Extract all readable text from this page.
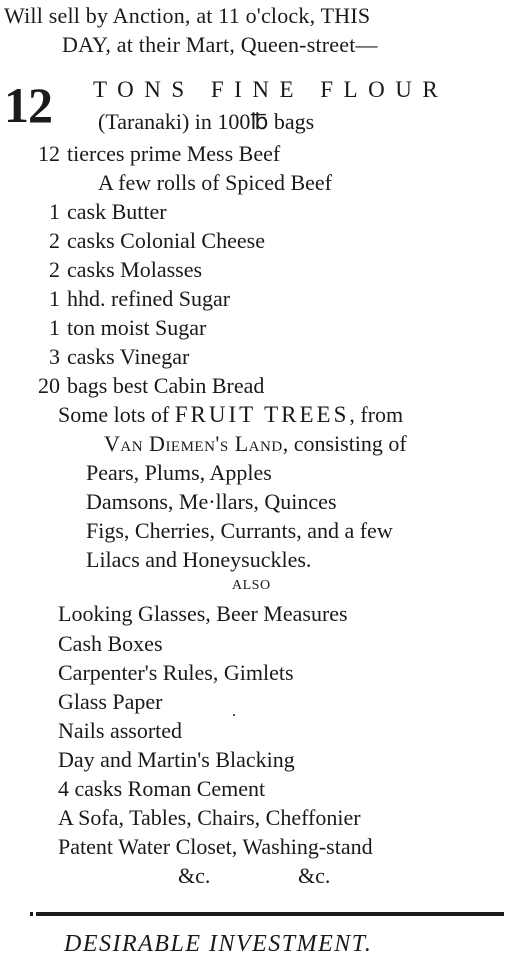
Will sell by Anction, at 11 o'clock, THIS
DAY, at their Mart, Queen-street—
12 TONS FINE FLOUR
(Taranaki) in 100℔ bags
12 tierces prime Mess Beef
A few rolls of Spiced Beef
1 cask Butter
2 casks Colonial Cheese
2 casks Molasses
1 hhd. refined Sugar
1 ton moist Sugar
3 casks Vinegar
20 bags best Cabin Bread
Some lots of FRUIT TREES, from
Van Diemen's Land, consisting of
Pears, Plums, Apples
Damsons, Me·llars, Quinces
Figs, Cherries, Currants, and a few
Lilacs and Honeysuckles.
ALSO
Looking Glasses, Beer Measures
Cash Boxes
Carpenter's Rules, Gimlets
Glass Paper
Nails assorted
Day and Martin's Blacking
4 casks Roman Cement
A Sofa, Tables, Chairs, Cheffonier
Patent Water Closet, Washing-stand
&c.	&c.
DESIRABLE INVESTMENT.
